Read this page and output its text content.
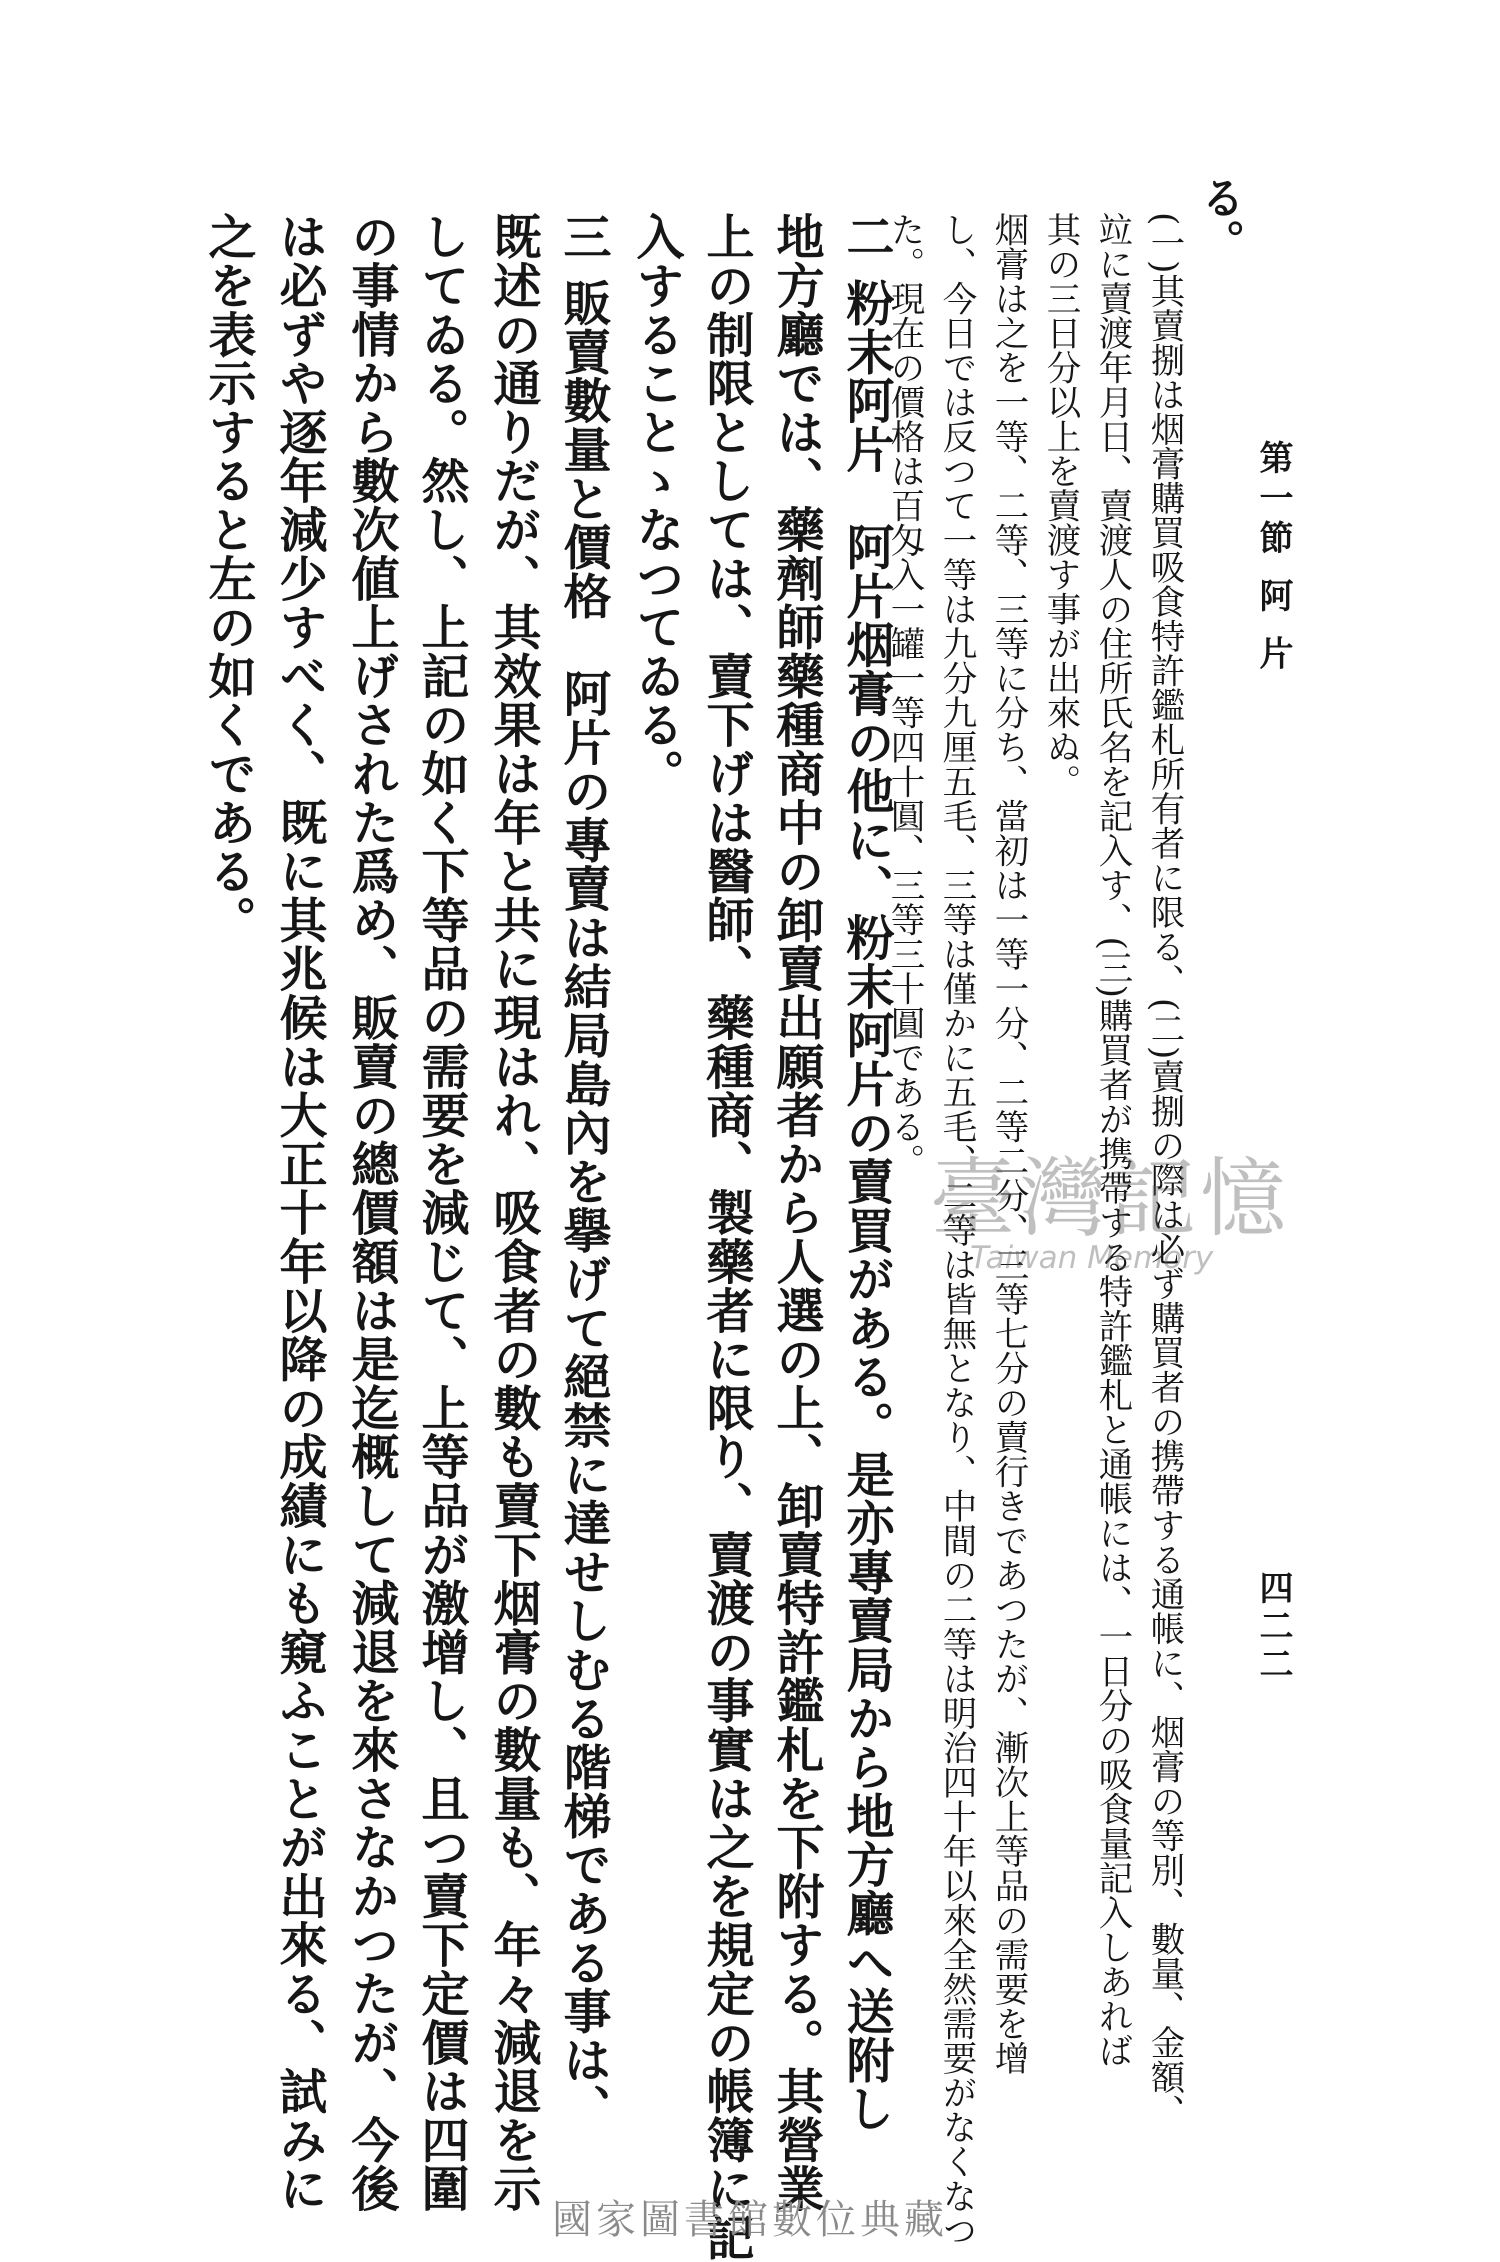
第一節 阿 片
四二二
る。
(一)其賣捌は烟膏購買吸食特許鑑札所有者に限る、(二)賣捌の際は必ず購買者の携帶する通帳に、烟膏の等別、數量、金額、
竝に賣渡年月日、賣渡人の住所氏名を記入す、(三)購買者が携帶する特許鑑札と通帳には、一日分の吸食量記入しあれば
其の三日分以上を賣渡す事が出來ぬ。
烟膏は之を一等、二等、三等に分ち、當初は一等一分、二等二分、三等七分の賣行きであつたが、漸次上等品の需要を增
し、今日では反つて一等は九分九厘五毛、三等は僅かに五毛、二等は皆無となり、中間の二等は明治四十年以來全然需要がなくなつ
た。現在の價格は百匁入一罐一等四十圓、三等三十圓である。
二 粉末阿片　阿片烟膏の他に、粉末阿片の賣買がある。是亦專賣局から地方廳へ送附し
地方廳では、藥劑師藥種商中の卸賣出願者から人選の上、卸賣特許鑑札を下附する。其營業
上の制限としては、賣下げは醫師、藥種商、製藥者に限り、賣渡の事實は之を規定の帳簿に記
入することゝなつてゐる。
三 販賣數量と價格　阿片の專賣は結局島內を擧げて絕禁に達せしむる階梯である事は、
既述の通りだが、其效果は年と共に現はれ、吸食者の數も賣下烟膏の數量も、年々減退を示
してゐる。然し、上記の如く下等品の需要を減じて、上等品が激增し、且つ賣下定價は四圍
の事情から數次値上げされた爲め、販賣の總價額は是迄概して減退を來さなかつたが、今後
は必ずや逐年減少すべく、既に其兆候は大正十年以降の成績にも窺ふことが出來る、試みに
之を表示すると左の如くである。
臺灣記憶
Taiwan Memory
國家圖書館數位典藏
